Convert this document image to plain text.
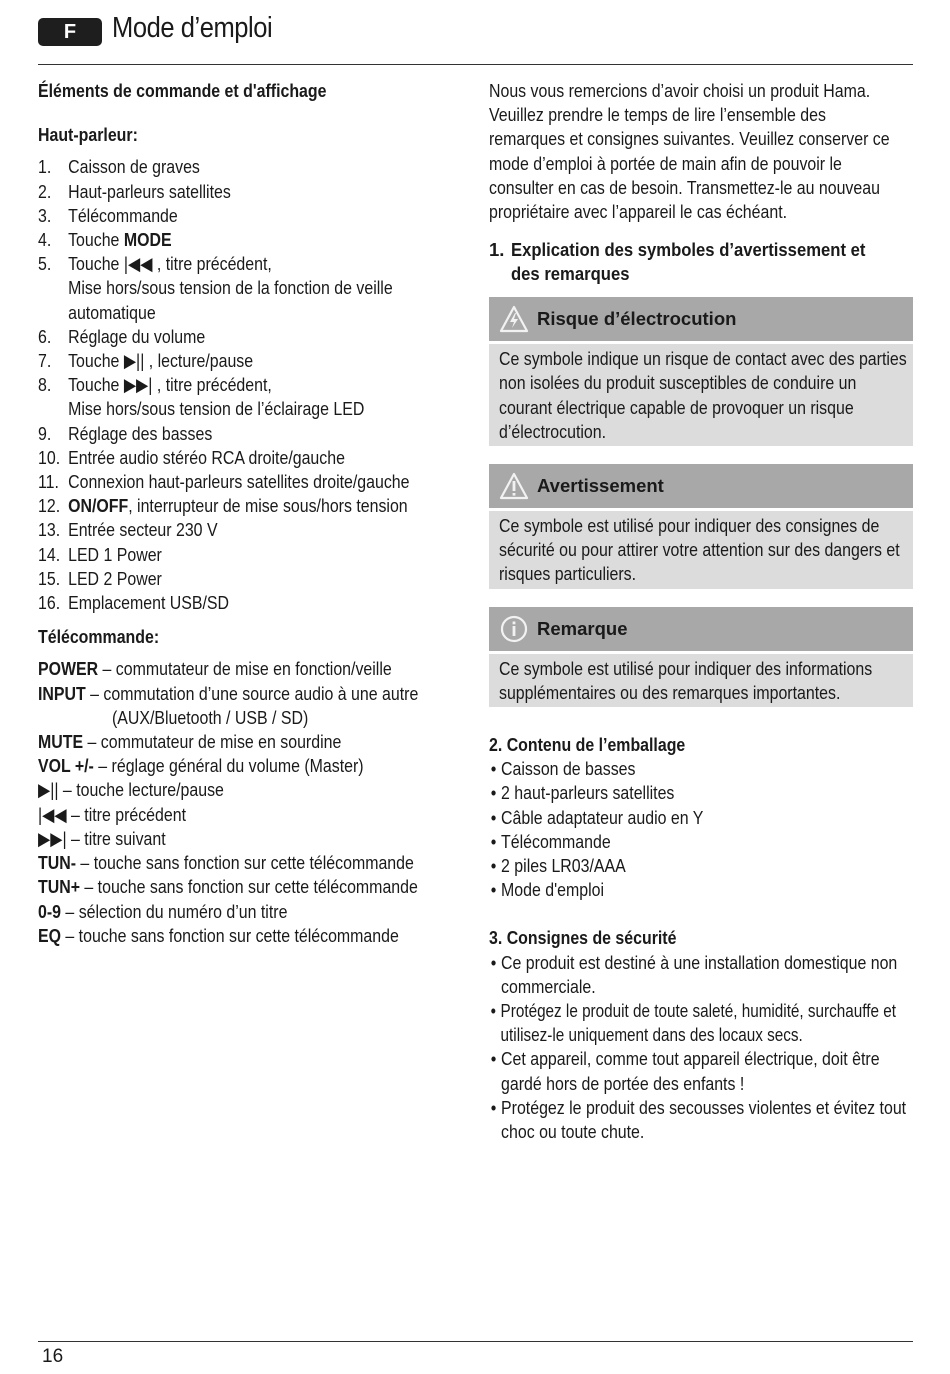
F	Mode d’emploi
Éléments de commande et d'affichage
Haut-parleur:
1. Caisson de graves
2. Haut-parleurs satellites
3. Télécommande
4. Touche MODE
5. Touche |◀◀ , titre précédent,
Mise hors/sous tension de la fonction de veille automatique
6. Réglage du volume
7. Touche ▶|| , lecture/pause
8. Touche ▶▶| , titre précédent,
Mise hors/sous tension de l’éclairage LED
9. Réglage des basses
10. Entrée audio stéréo RCA droite/gauche
11. Connexion haut-parleurs satellites droite/gauche
12. ON/OFF, interrupteur de mise sous/hors tension
13. Entrée secteur 230 V
14. LED 1 Power
15. LED 2 Power
16. Emplacement USB/SD
Télécommande:
POWER – commutateur de mise en fonction/veille
INPUT – commutation d’une source audio à une autre
(AUX/Bluetooth / USB / SD)
MUTE – commutateur de mise en sourdine
VOL +/- – réglage général du volume (Master)
▶|| – touche lecture/pause
|◀◀ – titre précédent
▶▶| – titre suivant
TUN- – touche sans fonction sur cette télécommande
TUN+ – touche sans fonction sur cette télécommande
0-9 – sélection du numéro d’un titre
EQ – touche sans fonction sur cette télécommande

Nous vous remercions d’avoir choisi un produit Hama. Veuillez prendre le temps de lire l’ensemble des remarques et consignes suivantes. Veuillez conserver ce mode d’emploi à portée de main afin de pouvoir le consulter en cas de besoin. Transmettez-le au nouveau propriétaire avec l’appareil le cas échéant.

1. Explication des symboles d’avertissement et des remarques
Risque d’électrocution
Ce symbole indique un risque de contact avec des parties non isolées du produit susceptibles de conduire un courant électrique capable de provoquer un risque d’électrocution.
Avertissement
Ce symbole est utilisé pour indiquer des consignes de sécurité ou pour attirer votre attention sur des dangers et risques particuliers.
Remarque
Ce symbole est utilisé pour indiquer des informations supplémentaires ou des remarques importantes.
2. Contenu de l’emballage
• Caisson de basses
• 2 haut-parleurs satellites
• Câble adaptateur audio en Y
• Télécommande
• 2 piles LR03/AAA
• Mode d'emploi
3. Consignes de sécurité
• Ce produit est destiné à une installation domestique non commerciale.
• Protégez le produit de toute saleté, humidité, surchauffe et utilisez-le uniquement dans des locaux secs.
• Cet appareil, comme tout appareil électrique, doit être gardé hors de portée des enfants !
• Protégez le produit des secousses violentes et évitez tout choc ou toute chute.
16
